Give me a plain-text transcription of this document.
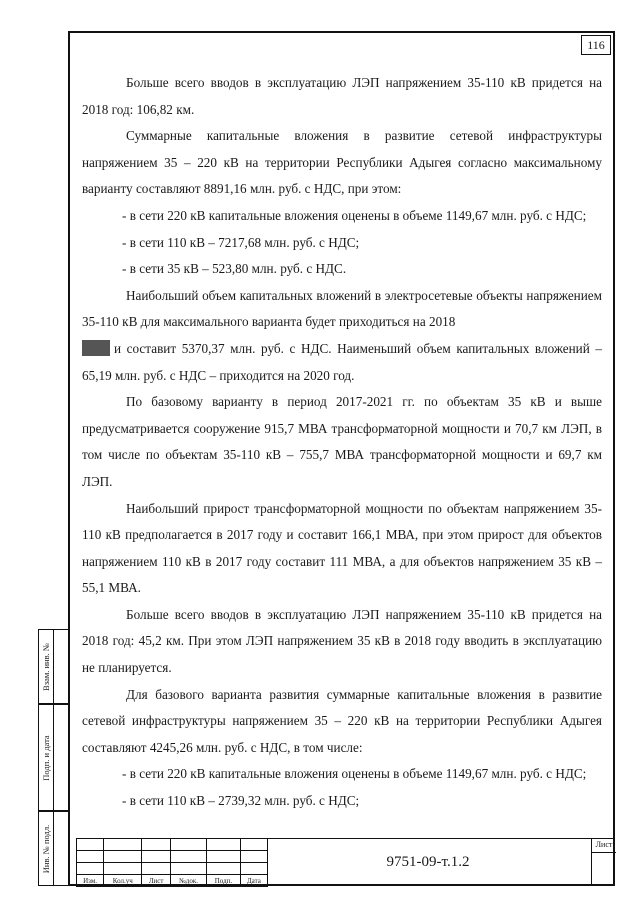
116

Больше всего вводов в эксплуатацию ЛЭП напряжением 35-110 кВ придется на 2018 год: 106,82 км.

Суммарные капитальные вложения в развитие сетевой инфраструктуры напряжением 35 – 220 кВ на территории Республики Адыгея согласно максимальному варианту составляют 8891,16 млн. руб. с НДС, при этом:

- в сети 220 кВ капитальные вложения оценены в объеме 1149,67 млн. руб. с НДС;

- в сети 110 кВ – 7217,68 млн. руб. с НДС;

- в сети 35 кВ – 523,80 млн. руб. с НДС.

Наибольший объем капитальных вложений в электросетевые объекты напряжением 35-110 кВ для максимального варианта будет приходиться на 2018

и составит 5370,37 млн. руб. с НДС. Наименьший объем капитальных вложений – 65,19 млн. руб. с НДС – приходится на 2020 год.

По базовому варианту в период 2017-2021 гг. по объектам 35 кВ и выше предусматривается сооружение 915,7 МВА трансформаторной мощности и 70,7 км ЛЭП, в том числе по объектам 35-110 кВ – 755,7 МВА трансформаторной мощности и 69,7 км ЛЭП.

Наибольший прирост трансформаторной мощности по объектам напряжением 35-110 кВ предполагается в 2017 году и составит 166,1 МВА, при этом прирост для объектов напряжением 110 кВ в 2017 году составит 111 МВА, а для объектов напряжением 35 кВ – 55,1 МВА.

Больше всего вводов в эксплуатацию ЛЭП напряжением 35-110 кВ придется на 2018 год: 45,2 км. При этом ЛЭП напряжением 35 кВ в 2018 году вводить в эксплуатацию не планируется.

Для базового варианта развития суммарные капитальные вложения в развитие сетевой инфраструктуры напряжением 35 – 220 кВ на территории Республики Адыгея составляют 4245,26 млн. руб. с НДС, в том числе:

- в сети 220 кВ капитальные вложения оценены в объеме 1149,67 млн. руб. с НДС;

- в сети 110 кВ – 2739,32 млн. руб. с НДС;

Взам. инв. №
Подп. и дата
Инв. № подл.

Изм.	Кол.уч	Лист	№док.	Подп.	Дата
9751-09-т.1.2
Лист
